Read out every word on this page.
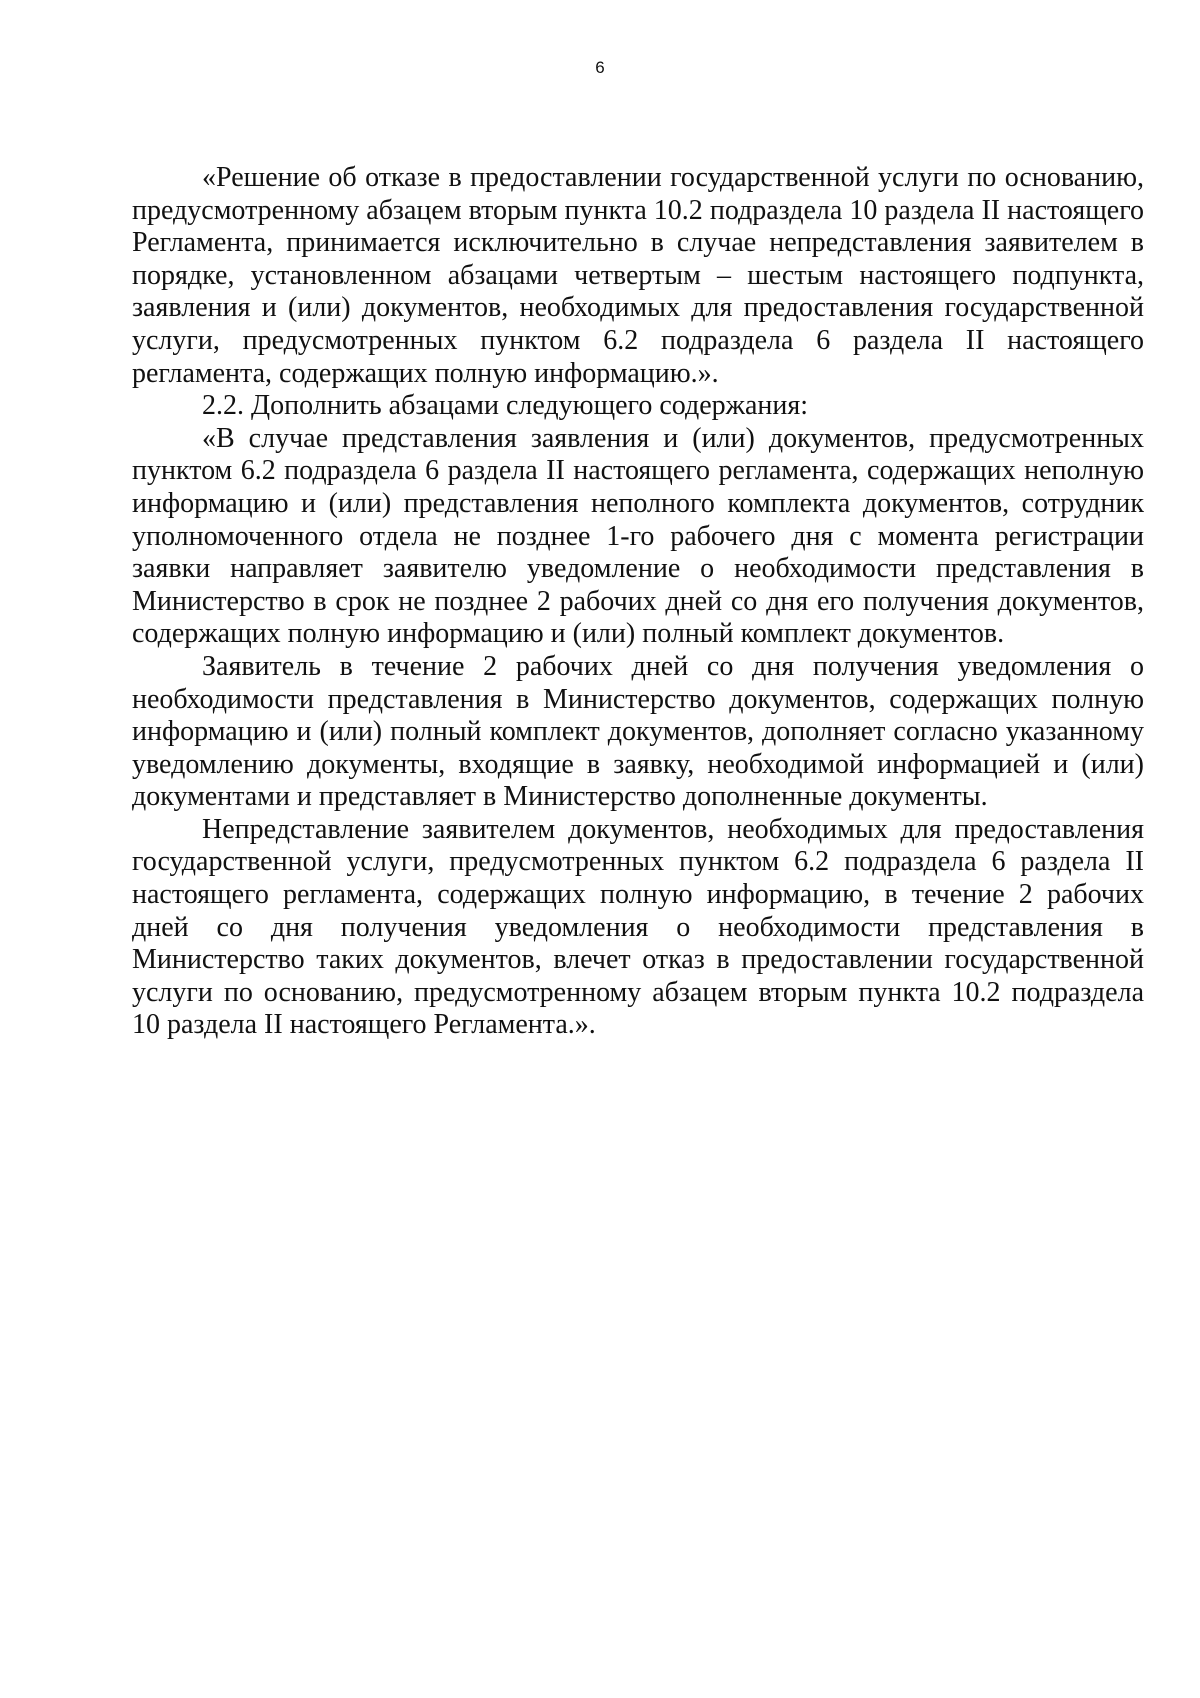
6

«Решение об отказе в предоставлении государственной услуги по основанию, предусмотренному абзацем вторым пункта 10.2 подраздела 10 раздела II настоящего Регламента, принимается исключительно в случае непредставления заявителем в порядке, установленном абзацами четвертым – шестым настоящего подпункта, заявления и (или) документов, необходимых для предоставления государственной услуги, предусмотренных пунктом 6.2 подраздела 6 раздела II настоящего регламента, содержащих полную информацию.».

2.2. Дополнить абзацами следующего содержания:

«В случае представления заявления и (или) документов, предусмотренных пунктом 6.2 подраздела 6 раздела II настоящего регламента, содержащих неполную информацию и (или) представления неполного комплекта документов, сотрудник уполномоченного отдела не позднее 1-го рабочего дня с момента регистрации заявки направляет заявителю уведомление о необходимости представления в Министерство в срок не позднее 2 рабочих дней со дня его получения документов, содержащих полную информацию и (или) полный комплект документов.

Заявитель в течение 2 рабочих дней со дня получения уведомления о необходимости представления в Министерство документов, содержащих полную информацию и (или) полный комплект документов, дополняет согласно указанному уведомлению документы, входящие в заявку, необходимой информацией и (или) документами и представляет в Министерство дополненные документы.

Непредставление заявителем документов, необходимых для предоставления государственной услуги, предусмотренных пунктом 6.2 подраздела 6 раздела II настоящего регламента, содержащих полную информацию, в течение 2 рабочих дней со дня получения уведомления о необходимости представления в Министерство таких документов, влечет отказ в предоставлении государственной услуги по основанию, предусмотренному абзацем вторым пункта 10.2 подраздела 10 раздела II настоящего Регламента.».
